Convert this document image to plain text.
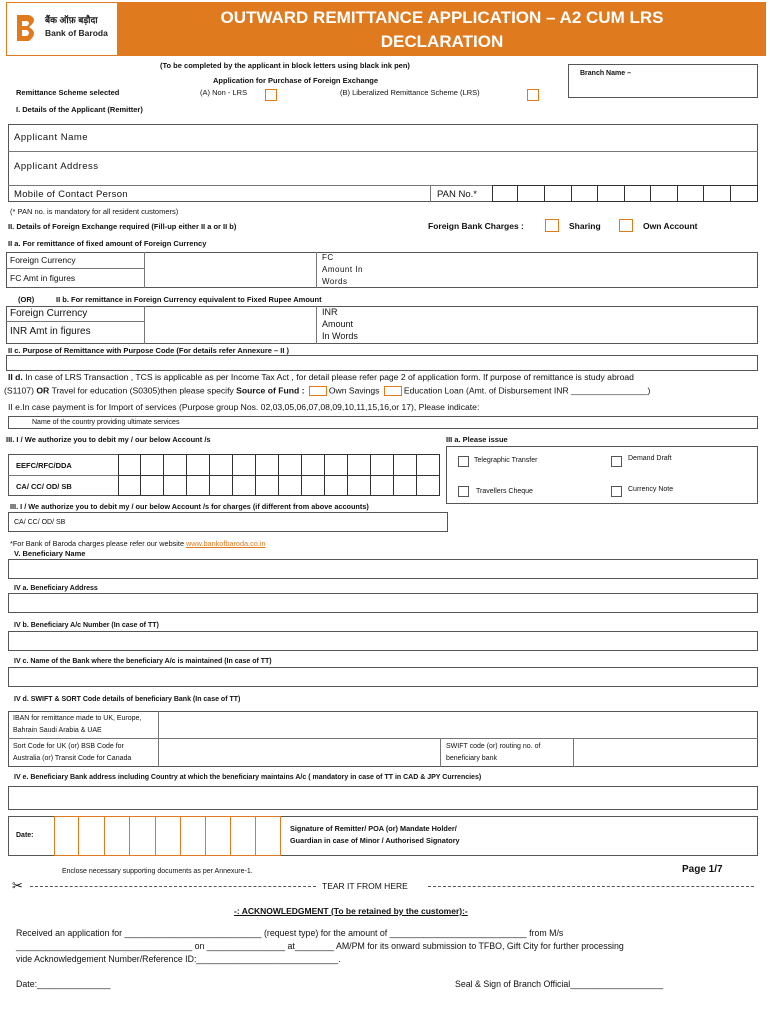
बैंक ऑफ़ बड़ौदा
Bank of Baroda
OUTWARD REMITTANCE APPLICATION – A2 CUM LRS
DECLARATION
(To be completed by the applicant in block letters using black ink pen)
Application for Purchase of Foreign Exchange
Remittance Scheme selected	(A) Non - LRS	(B) Liberalized Remittance Scheme (LRS)
Branch Name –
I. Details of the Applicant (Remitter)
Applicant Name
Applicant Address
Mobile of Contact Person	PAN No.*
(* PAN no. is mandatory for all resident customers)
II. Details of Foreign Exchange required (Fill-up either II a or II b)	Foreign Bank Charges :	Sharing	Own Account
II a. For remittance of fixed amount of Foreign Currency
Foreign Currency
FC Amt in figures
FC
Amount In
Words
(OR)	II b. For remittance in Foreign Currency equivalent to Fixed Rupee Amount
Foreign Currency
INR Amt in figures
INR
Amount
In Words
II c. Purpose of Remittance with Purpose Code (For details refer Annexure – II )
II d. In case of LRS Transaction , TCS is applicable as per Income Tax Act , for detail please refer page 2 of application form. If purpose of remittance is study abroad
(S1107) OR Travel for education (S0305)then please specify Source of Fund :	Own Savings	Education Loan (Amt. of Disbursement INR ________________)
II e.In case payment is for Import of services (Purpose group Nos. 02,03,05,06,07,08,09,10,11,15,16,or 17), Please indicate:
Name of the country providing ultimate services
III. I / We authorize you to debit my / our below Account /s	III a. Please issue
EEFC/RFC/DDA
CA/ CC/ OD/ SB
Telegraphic Transfer	Demand Draft
Travellers Cheque	Currency Note
III. I / We authorize you to debit my / our below Account /s for charges (if different from above accounts)
CA/ CC/ OD/ SB
*For Bank of Baroda charges please refer our website www.bankofbaroda.co.in
V. Beneficiary Name
IV a. Beneficiary Address
IV b. Beneficiary A/c Number (In case of TT)
IV c. Name of the Bank where the beneficiary A/c is maintained (In case of TT)
IV d. SWIFT & SORT Code details of beneficiary Bank (In case of TT)
IBAN for remittance made to UK, Europe,
Bahrain Saudi Arabia & UAE
Sort Code for UK (or) BSB Code for
Australia (or) Transit Code for Canada
SWIFT code (or) routing no. of
beneficiary bank
IV e. Beneficiary Bank address including Country at which the beneficiary maintains A/c ( mandatory in case of TT in CAD & JPY Currencies)
Date:
Signature of Remitter/ POA (or) Mandate Holder/
Guardian in case of Minor / Authorised Signatory
Enclose necessary supporting documents as per Annexure-1.	Page 1/7
✂	TEAR IT FROM HERE
-: ACKNOWLEDGMENT (To be retained by the customer):-
Received an application for ____________________________ (request type) for the amount of ____________________________ from M/s
____________________________________ on ________________ at________ AM/PM for its onward submission to TFBO, Gift City for further processing
vide Acknowledgement Number/Reference ID:_____________________________.
Date:_______________	Seal & Sign of Branch Official___________________
